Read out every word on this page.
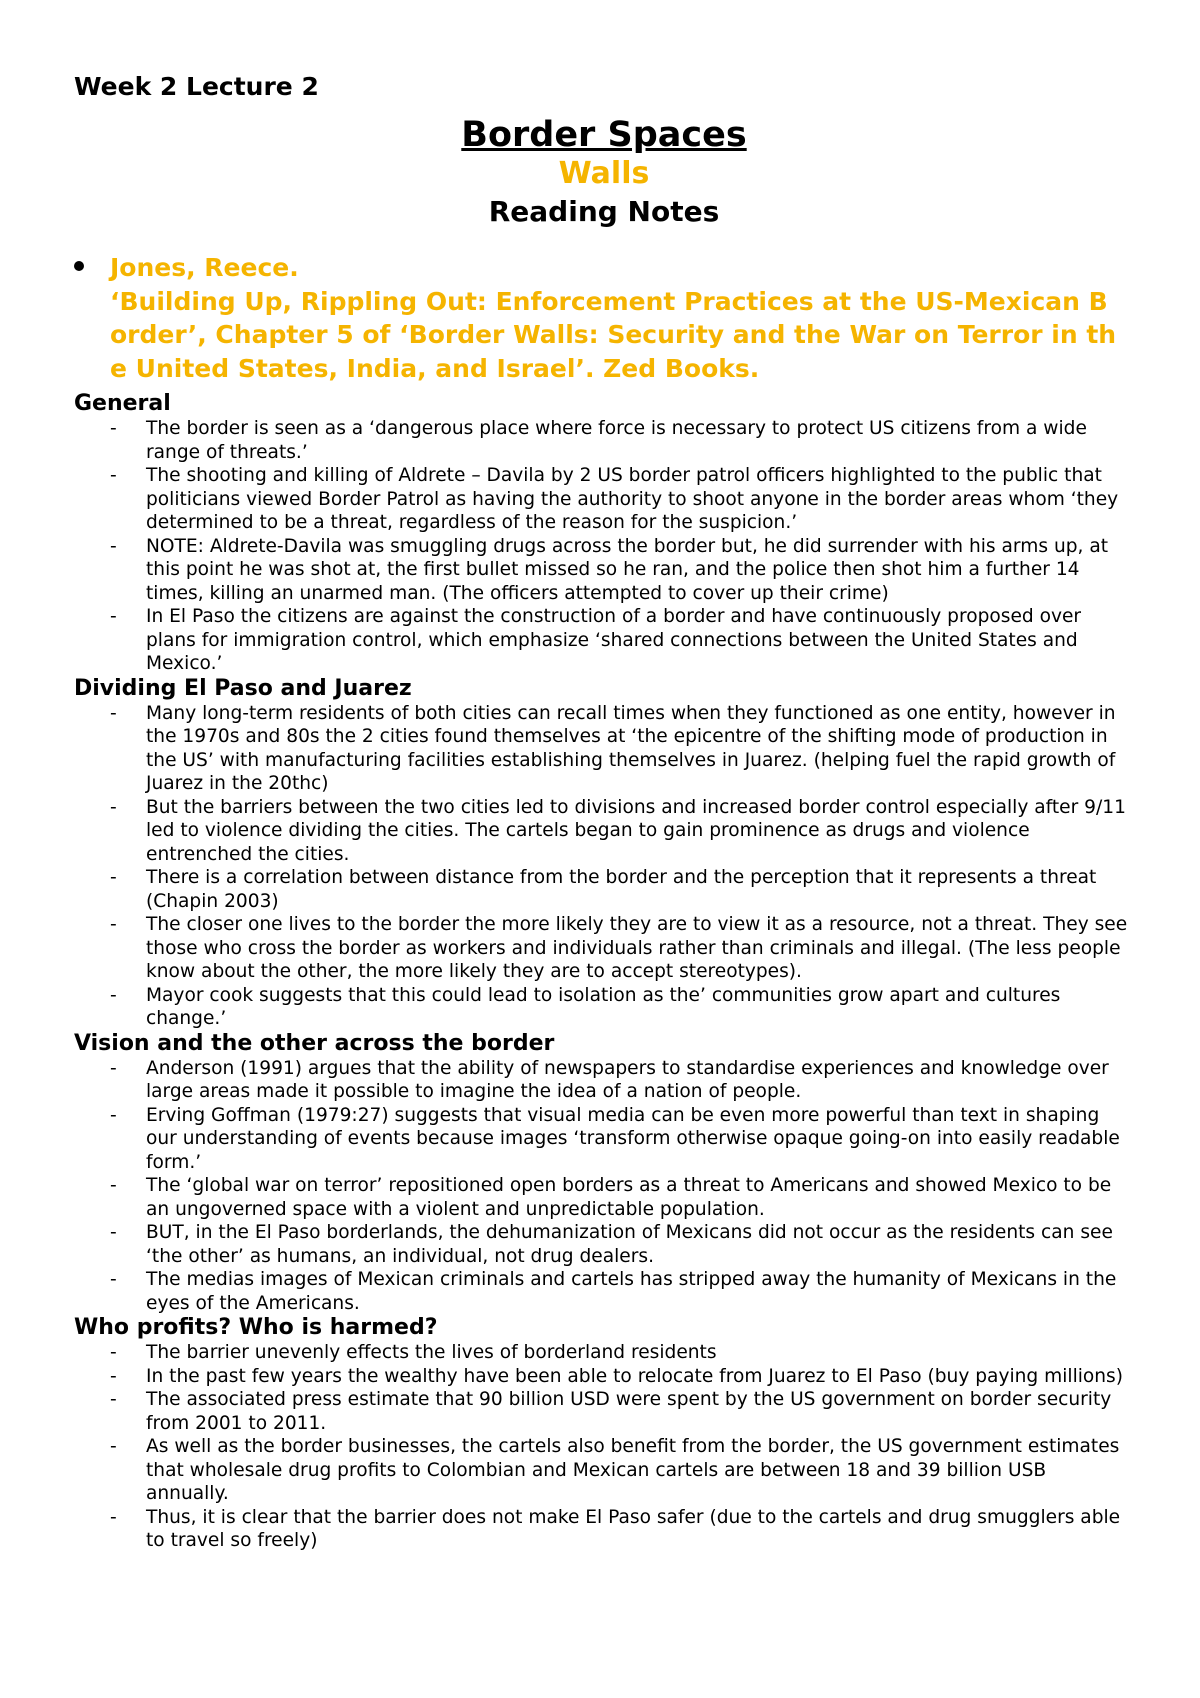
Week 2 Lecture 2
Border Spaces
Walls
Reading Notes
Jones, Reece.
‘Building Up, Rippling Out: Enforcement Practices at the US-Mexican Border’, Chapter 5 of ‘Border Walls: Security and the War on Terror in the United States, India, and Israel’. Zed Books.
General
- The border is seen as a ‘dangerous place where force is necessary to protect US citizens from a wide range of threats.’
- The shooting and killing of Aldrete – Davila by 2 US border patrol officers highlighted to the public that politicians viewed Border Patrol as having the authority to shoot anyone in the border areas whom ‘they determined to be a threat, regardless of the reason for the suspicion.’
- NOTE: Aldrete-Davila was smuggling drugs across the border but, he did surrender with his arms up, at this point he was shot at, the first bullet missed so he ran, and the police then shot him a further 14 times, killing an unarmed man. (The officers attempted to cover up their crime)
- In El Paso the citizens are against the construction of a border and have continuously proposed over plans for immigration control, which emphasize ‘shared connections between the United States and Mexico.’
Dividing El Paso and Juarez
- Many long-term residents of both cities can recall times when they functioned as one entity, however in the 1970s and 80s the 2 cities found themselves at ‘the epicentre of the shifting mode of production in the US’ with manufacturing facilities establishing themselves in Juarez. (helping fuel the rapid growth of Juarez in the 20thc)
- But the barriers between the two cities led to divisions and increased border control especially after 9/11 led to violence dividing the cities. The cartels began to gain prominence as drugs and violence entrenched the cities.
- There is a correlation between distance from the border and the perception that it represents a threat (Chapin 2003)
- The closer one lives to the border the more likely they are to view it as a resource, not a threat. They see those who cross the border as workers and individuals rather than criminals and illegal. (The less people know about the other, the more likely they are to accept stereotypes).
- Mayor cook suggests that this could lead to isolation as the’ communities grow apart and cultures change.’
Vision and the other across the border
- Anderson (1991) argues that the ability of newspapers to standardise experiences and knowledge over large areas made it possible to imagine the idea of a nation of people.
- Erving Goffman (1979:27) suggests that visual media can be even more powerful than text in shaping our understanding of events because images ‘transform otherwise opaque going-on into easily readable form.’
- The ‘global war on terror’ repositioned open borders as a threat to Americans and showed Mexico to be an ungoverned space with a violent and unpredictable population.
- BUT, in the El Paso borderlands, the dehumanization of Mexicans did not occur as the residents can see ‘the other’ as humans, an individual, not drug dealers.
- The medias images of Mexican criminals and cartels has stripped away the humanity of Mexicans in the eyes of the Americans.
Who profits? Who is harmed?
- The barrier unevenly effects the lives of borderland residents
- In the past few years the wealthy have been able to relocate from Juarez to El Paso (buy paying millions)
- The associated press estimate that 90 billion USD were spent by the US government on border security from 2001 to 2011.
- As well as the border businesses, the cartels also benefit from the border, the US government estimates that wholesale drug profits to Colombian and Mexican cartels are between 18 and 39 billion USB annually.
- Thus, it is clear that the barrier does not make El Paso safer (due to the cartels and drug smugglers able to travel so freely)
